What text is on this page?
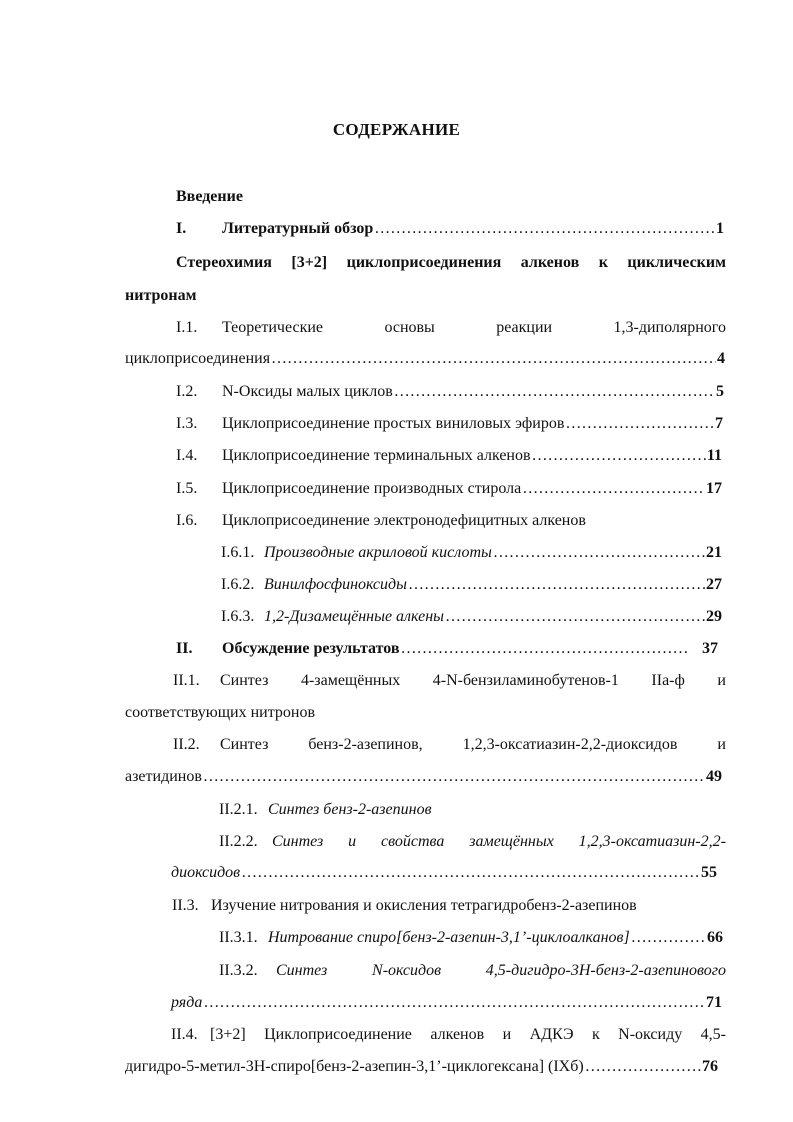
СОДЕРЖАНИЕ
Введение
I. Литературный обзор ………………………………………………………………………………………………………………………………………………	1
Стереохимия [3+2] циклоприсоединения алкенов к циклическим
нитронам
I.1. Теоретические	основы	реакции	1,3-диполярного
циклоприсоединения ………………………………………………………………………………………………………………………………………………	4
I.2. N-Оксиды малых циклов ………………………………………………………………………………………………………………………………………………	5
I.3. Циклоприсоединение простых виниловых эфиров ………………………………………………………………………………………………………………………………………………	7
I.4. Циклоприсоединение терминальных алкенов ………………………………………………………………………………………………………………………………………………	11
I.5. Циклоприсоединение производных стирола ………………………………………………………………………………………………………………………………………………	17
I.6. Циклоприсоединение электронодефицитных алкенов
I.6.1. Производные акриловой кислоты ………………………………………………………………………………………………………………………………………………	21
I.6.2. Винилфосфиноксиды ………………………………………………………………………………………………………………………………………………	27
I.6.3. 1,2-Дизамещённые алкены ………………………………………………………………………………………………………………………………………………	29
II. Обсуждение результатов ………………………………………………………………………………………………………………………………………………	37
II.1. Синтез 4-замещённых 4-N-бензиламинобутенов-1 IIа-ф и
соответствующих нитронов
II.2. Синтез бенз-2-азепинов, 1,2,3-оксатиазин-2,2-диоксидов и
азетидинов ………………………………………………………………………………………………………………………………………………	49
II.2.1. Синтез бенз-2-азепинов
II.2.2. Синтез и свойства замещённых 1,2,3-оксатиазин-2,2-
диоксидов ………………………………………………………………………………………………………………………………………………	55
II.3. Изучение нитрования и окисления тетрагидробенз-2-азепинов
II.3.1. Нитрование спиро[бенз-2-азепин-3,1’-циклоалканов] ………………………………………………………………………………………………………………………………………………	66
II.3.2. Синтез	N-оксидов	4,5-дигидро-3Н-бенз-2-азепинового
ряда ………………………………………………………………………………………………………………………………………………	71
II.4. [3+2] Циклоприсоединение алкенов и АДКЭ к N-оксиду 4,5-
дигидро-5-метил-3Н-спиро[бенз-2-азепин-3,1’-циклогексана] (IXб) ………………………………………………………………………………………………………………………………………………	76
